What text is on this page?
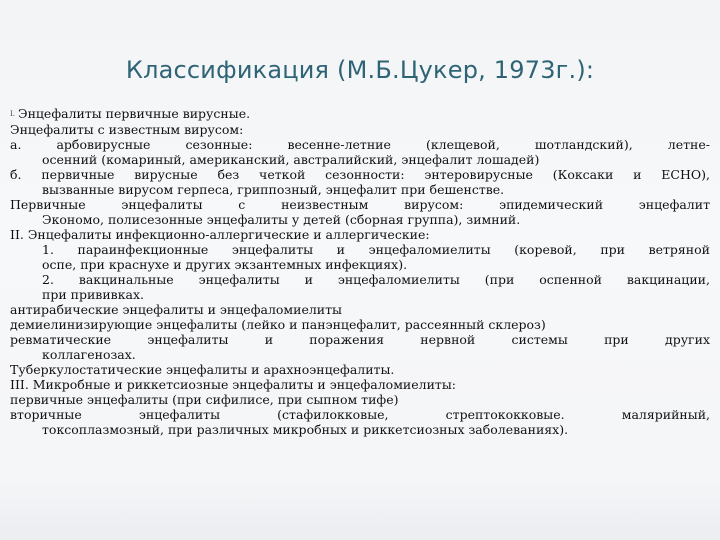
Классификация (М.Б.Цукер, 1973г.):

I. Энцефалиты первичные вирусные.

Энцефалиты с известным вирусом:

а. арбовирусные сезонные: весенне-летние (клещевой, шотландский), летне-
осенний (комариный, американский, австралийский, энцефалит лошадей)

б. первичные вирусные без четкой сезонности: энтеровирусные (Коксаки и ЕСНО),
вызванные вирусом герпеса, гриппозный, энцефалит при бешенстве.

Первичные энцефалиты с неизвестным вирусом: эпидемический энцефалит
Экономо, полисезонные энцефалиты у детей (сборная группа), зимний.

II. Энцефалиты инфекционно-аллергические и аллергические:

1. параинфекционные энцефалиты и энцефаломиелиты (коревой, при ветряной
оспе, при краснухе и других экзантемных инфекциях).

2. вакцинальные энцефалиты и энцефаломиелиты (при оспенной вакцинации,
при прививках.

антирабические энцефалиты и энцефаломиелиты

демиелинизирующие энцефалиты (лейко и панэнцефалит, рассеянный склероз)

ревматические энцефалиты и поражения нервной системы при других
коллагенозах.

Туберкулостатические энцефалиты и арахноэнцефалиты.

III. Микробные и риккетсиозные энцефалиты и энцефаломиелиты:

первичные энцефалиты (при сифилисе, при сыпном тифе)

вторичные энцефалиты (стафилокковые, стрептококковые. малярийный,
токсоплазмозный, при различных микробных и риккетсиозных заболеваниях).
